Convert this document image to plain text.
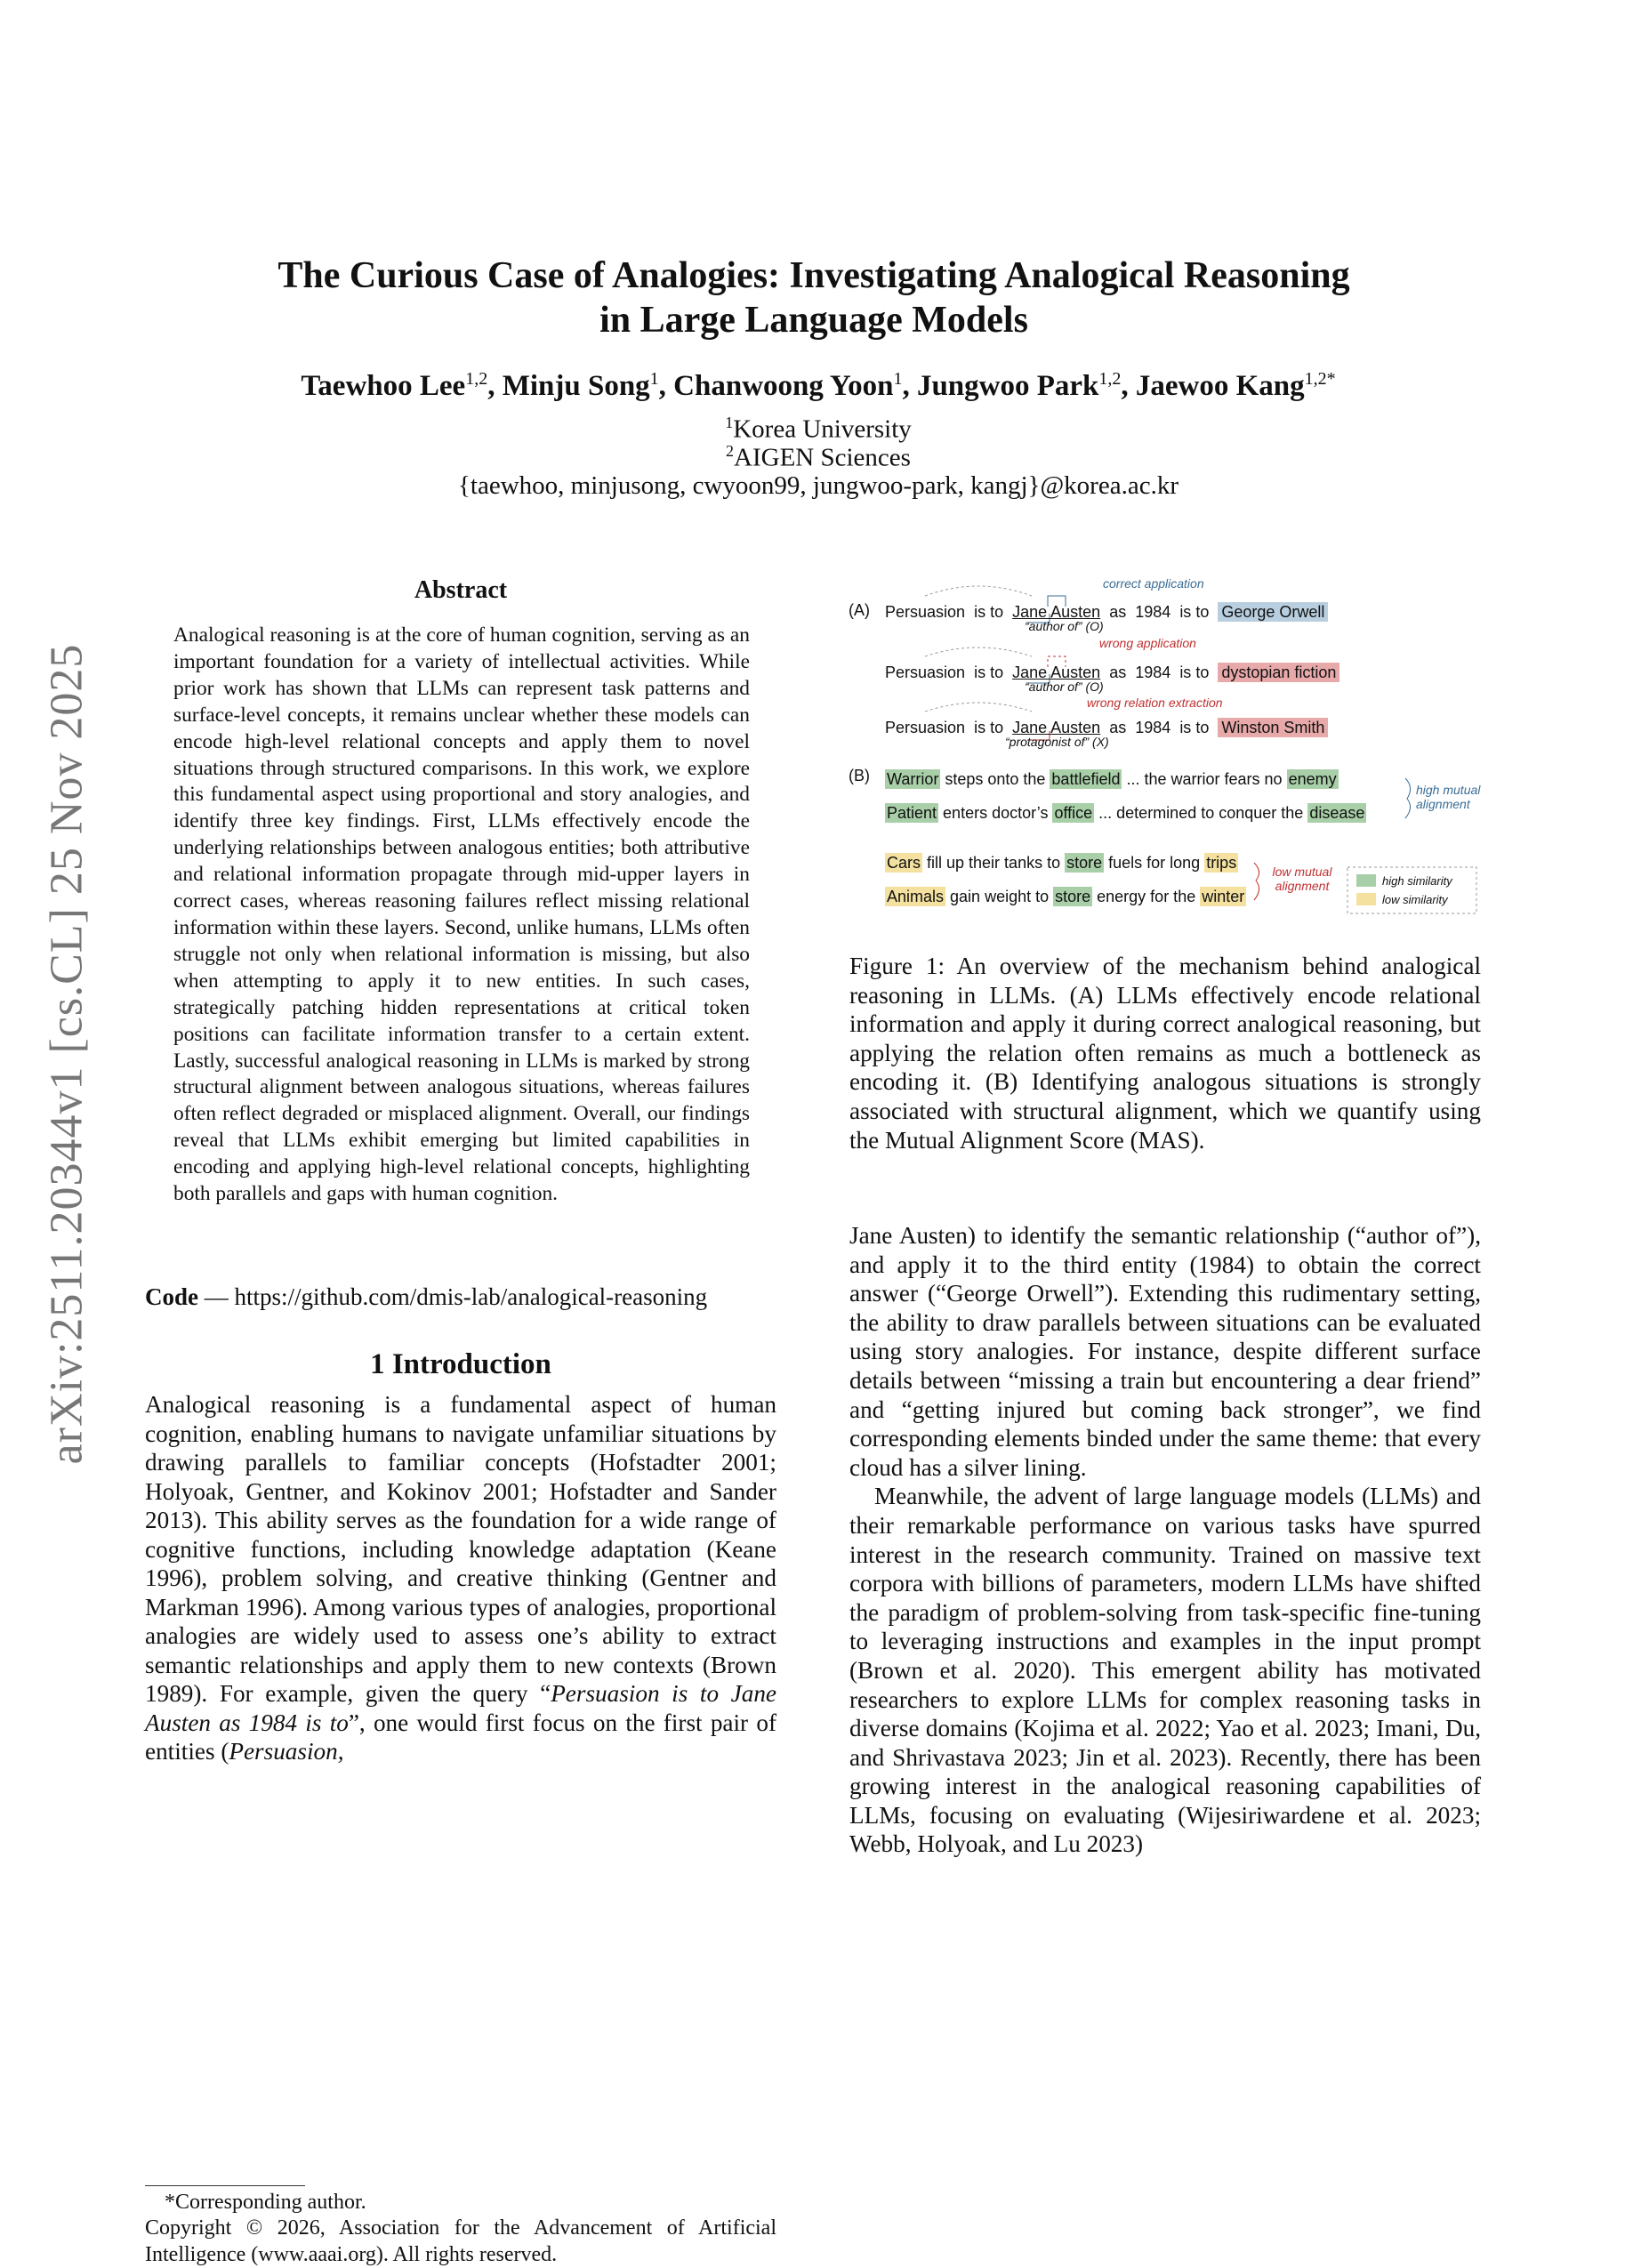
arXiv:2511.20344v1 [cs.CL] 25 Nov 2025
The Curious Case of Analogies: Investigating Analogical Reasoning
in Large Language Models
Taewhoo Lee$^{1,2}$, Minju Song$^1$, Chanwoong Yoon$^1$, Jungwoo Park$^{1,2}$, Jaewoo Kang$^{1,2*}$
$^1$Korea University
$^2$AIGEN Sciences
{taewhoo, minjusong, cwyoon99, jungwoo-park, kangj}@korea.ac.kr
Abstract
Analogical reasoning is at the core of human cognition, serving as an important foundation for a variety of intellectual activities. While prior work has shown that LLMs can represent task patterns and surface-level concepts, it remains unclear whether these models can encode high-level relational concepts and apply them to novel situations through structured comparisons. In this work, we explore this fundamental aspect using proportional and story analogies, and identify three key findings. First, LLMs effectively encode the underlying relationships between analogous entities; both attributive and relational information propagate through mid-upper layers in correct cases, whereas reasoning failures reflect missing relational information within these layers. Second, unlike humans, LLMs often struggle not only when relational information is missing, but also when attempting to apply it to new entities. In such cases, strategically patching hidden representations at critical token positions can facilitate information transfer to a certain extent. Lastly, successful analogical reasoning in LLMs is marked by strong structural alignment between analogous situations, whereas failures often reflect degraded or misplaced alignment. Overall, our findings reveal that LLMs exhibit emerging but limited capabilities in encoding and applying high-level relational concepts, highlighting both parallels and gaps with human cognition.
Code — https://github.com/dmis-lab/analogical-reasoning
1 Introduction
Analogical reasoning is a fundamental aspect of human cognition, enabling humans to navigate unfamiliar situations by drawing parallels to familiar concepts (Hofstadter 2001; Holyoak, Gentner, and Kokinov 2001; Hofstadter and Sander 2013). This ability serves as the foundation for a wide range of cognitive functions, including knowledge adaptation (Keane 1996), problem solving, and creative thinking (Gentner and Markman 1996). Among various types of analogies, proportional analogies are widely used to assess one’s ability to extract semantic relationships and apply them to new contexts (Brown 1989). For example, given the query “Persuasion is to Jane Austen as 1984 is to”, one would first focus on the first pair of entities (Persuasion,
*Corresponding author.
Copyright © 2026, Association for the Advancement of Artificial Intelligence (www.aaai.org). All rights reserved.
(A)
correct application
Persuasion is to Jane Austen as 1984 is to George Orwell
“author of” (O)
wrong application
Persuasion is to Jane Austen as 1984 is to dystopian fiction
“author of” (O)
wrong relation extraction
Persuasion is to Jane Austen as 1984 is to Winston Smith
“protagonist of” (X)
(B) Warrior steps onto the battlefield ... the warrior fears no enemy
Patient enters doctor’s office ... determined to conquer the disease
high mutual alignment
Cars fill up their tanks to store fuels for long trips
Animals gain weight to store energy for the winter
low mutual alignment	high similarity
low similarity
Figure 1: An overview of the mechanism behind analogical reasoning in LLMs. (A) LLMs effectively encode relational information and apply it during correct analogical reasoning, but applying the relation often remains as much a bottleneck as encoding it. (B) Identifying analogous situations is strongly associated with structural alignment, which we quantify using the Mutual Alignment Score (MAS).

Jane Austen) to identify the semantic relationship (“author of”), and apply it to the third entity (1984) to obtain the correct answer (“George Orwell”). Extending this rudimentary setting, the ability to draw parallels between situations can be evaluated using story analogies. For instance, despite different surface details between “missing a train but encountering a dear friend” and “getting injured but coming back stronger”, we find corresponding elements binded under the same theme: that every cloud has a silver lining.

Meanwhile, the advent of large language models (LLMs) and their remarkable performance on various tasks have spurred interest in the research community. Trained on massive text corpora with billions of parameters, modern LLMs have shifted the paradigm of problem-solving from task-specific fine-tuning to leveraging instructions and examples in the input prompt (Brown et al. 2020). This emergent ability has motivated researchers to explore LLMs for complex reasoning tasks in diverse domains (Kojima et al. 2022; Yao et al. 2023; Imani, Du, and Shrivastava 2023; Jin et al. 2023). Recently, there has been growing interest in the analogical reasoning capabilities of LLMs, focusing on evaluating (Wijesiriwardene et al. 2023; Webb, Holyoak, and Lu 2023)
